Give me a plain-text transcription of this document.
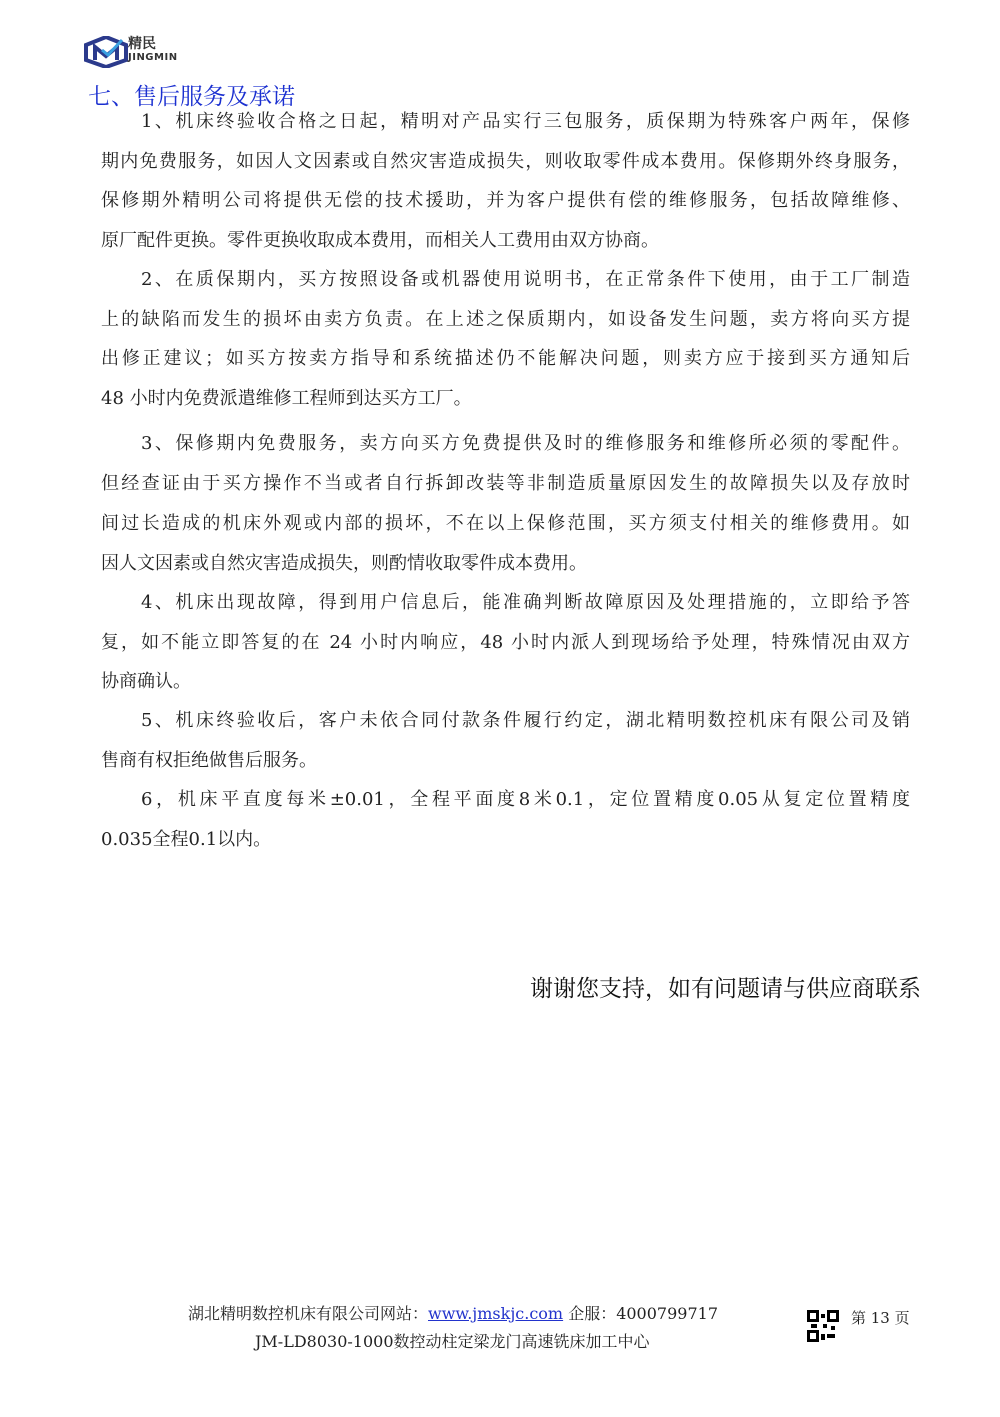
精民
JINGMIN
七、售后服务及承诺
1、机床终验收合格之日起，精明对产品实行三包服务，质保期为特殊客户两年，保修
期内免费服务，如因人文因素或自然灾害造成损失，则收取零件成本费用。保修期外终身服务，
保修期外精明公司将提供无偿的技术援助，并为客户提供有偿的维修服务，包括故障维修、
原厂配件更换。零件更换收取成本费用，而相关人工费用由双方协商。
2、在质保期内，买方按照设备或机器使用说明书，在正常条件下使用，由于工厂制造
上的缺陷而发生的损坏由卖方负责。在上述之保质期内，如设备发生问题，卖方将向买方提
出修正建议；如买方按卖方指导和系统描述仍不能解决问题，则卖方应于接到买方通知后
48 小时内免费派遣维修工程师到达买方工厂。
3、保修期内免费服务，卖方向买方免费提供及时的维修服务和维修所必须的零配件。
但经查证由于买方操作不当或者自行拆卸改装等非制造质量原因发生的故障损失以及存放时
间过长造成的机床外观或内部的损坏，不在以上保修范围，买方须支付相关的维修费用。如
因人文因素或自然灾害造成损失，则酌情收取零件成本费用。
4、机床出现故障，得到用户信息后，能准确判断故障原因及处理措施的，立即给予答
复，如不能立即答复的在 24 小时内响应，48 小时内派人到现场给予处理，特殊情况由双方
协商确认。
5、机床终验收后，客户未依合同付款条件履行约定，湖北精明数控机床有限公司及销
售商有权拒绝做售后服务。
6，机床平直度每米±0.01，全程平面度8米0.1，定位置精度0.05从复定位置精度
0.035全程0.1以内。
谢谢您支持，如有问题请与供应商联系
湖北精明数控机床有限公司网站：www.jmskjc.com 企服：4000799717
JM-LD8030-1000数控动柱定梁龙门高速铣床加工中心
第 13 页
